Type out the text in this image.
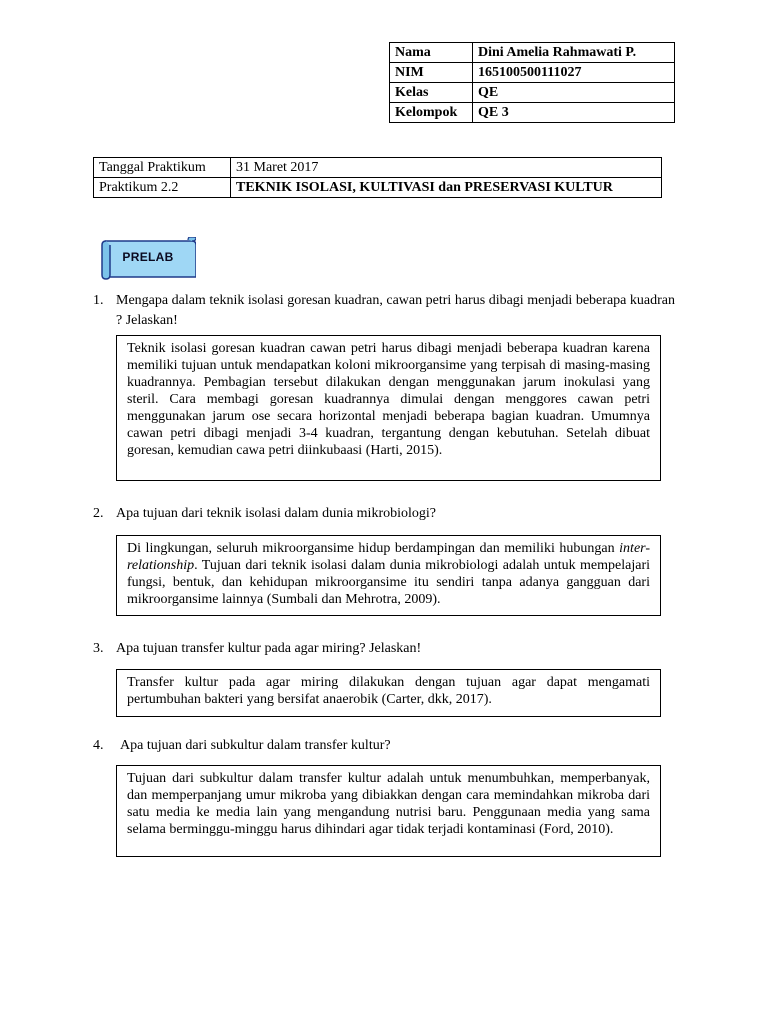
Nama	Dini Amelia Rahmawati P.
NIM	165100500111027
Kelas	QE
Kelompok	QE 3
Tanggal Praktikum	31 Maret 2017
Praktikum 2.2	TEKNIK ISOLASI, KULTIVASI dan PRESERVASI KULTUR
PRELAB
1. Mengapa dalam teknik isolasi goresan kuadran, cawan petri harus dibagi menjadi beberapa kuadran ? Jelaskan!

Teknik isolasi goresan kuadran cawan petri harus dibagi menjadi beberapa kuadran karena memiliki tujuan untuk mendapatkan koloni mikroorgansime yang terpisah di masing-masing kuadrannya. Pembagian tersebut dilakukan dengan menggunakan jarum inokulasi yang steril. Cara membagi goresan kuadrannya dimulai dengan menggores cawan petri menggunakan jarum ose secara horizontal menjadi beberapa bagian kuadran. Umumnya cawan petri dibagi menjadi 3-4 kuadran, tergantung dengan kebutuhan. Setelah dibuat goresan, kemudian cawa petri diinkubaasi (Harti, 2015).

2. Apa tujuan dari teknik isolasi dalam dunia mikrobiologi?

Di lingkungan, seluruh mikroorgansime hidup berdampingan dan memiliki hubungan inter-relationship. Tujuan dari teknik isolasi dalam dunia mikrobiologi adalah untuk mempelajari fungsi, bentuk, dan kehidupan mikroorgansime itu sendiri tanpa adanya gangguan dari mikroorgansime lainnya (Sumbali dan Mehrotra, 2009).

3. Apa tujuan transfer kultur pada agar miring? Jelaskan!

Transfer kultur pada agar miring dilakukan dengan tujuan agar dapat mengamati pertumbuhan bakteri yang bersifat anaerobik (Carter, dkk, 2017).

4. Apa tujuan dari subkultur dalam transfer kultur?

Tujuan dari subkultur dalam transfer kultur adalah untuk menumbuhkan, memperbanyak, dan memperpanjang umur mikroba yang dibiakkan dengan cara memindahkan mikroba dari satu media ke media lain yang mengandung nutrisi baru. Penggunaan media yang sama selama berminggu-minggu harus dihindari agar tidak terjadi kontaminasi (Ford, 2010).
